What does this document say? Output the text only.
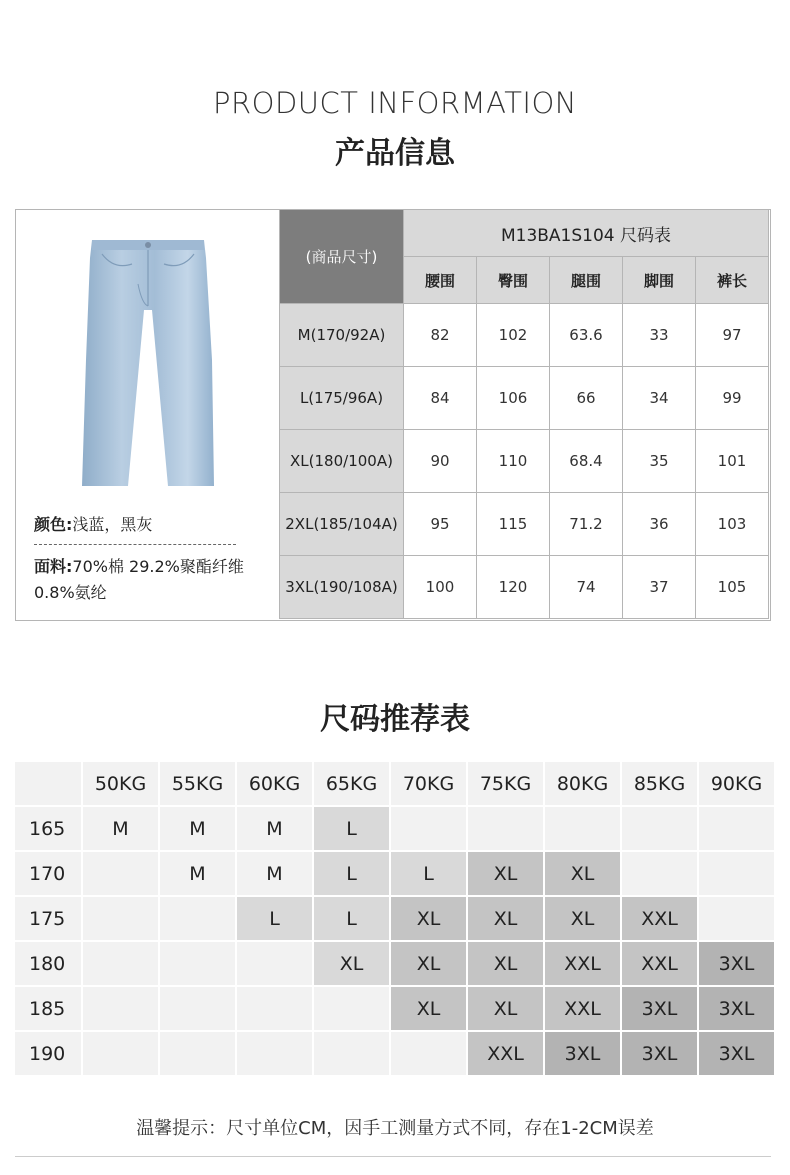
PRODUCT INFORMATION
产品信息
颜色:浅蓝，黑灰
面料:70%棉 29.2%聚酯纤维 0.8%氨纶
(商品尺寸)	M13BA1S104 尺码表				
	腰围	臀围	腿围	脚围	裤长
M(170/92A)	82	102	63.6	33	97
L(175/96A)	84	106	66	34	99
XL(180/100A)	90	110	68.4	35	101
2XL(185/104A)	95	115	71.2	36	103
3XL(190/108A)	100	120	74	37	105
尺码推荐表
	50KG	55KG	60KG	65KG	70KG	75KG	80KG	85KG	90KG
165	M	M	M	L					
170		M	M	L	L	XL	XL		
175			L	L	XL	XL	XL	XXL	
180				XL	XL	XL	XXL	XXL	3XL
185					XL	XL	XXL	3XL	3XL
190						XXL	3XL	3XL	3XL
温馨提示：尺寸单位CM，因手工测量方式不同，存在1-2CM误差
